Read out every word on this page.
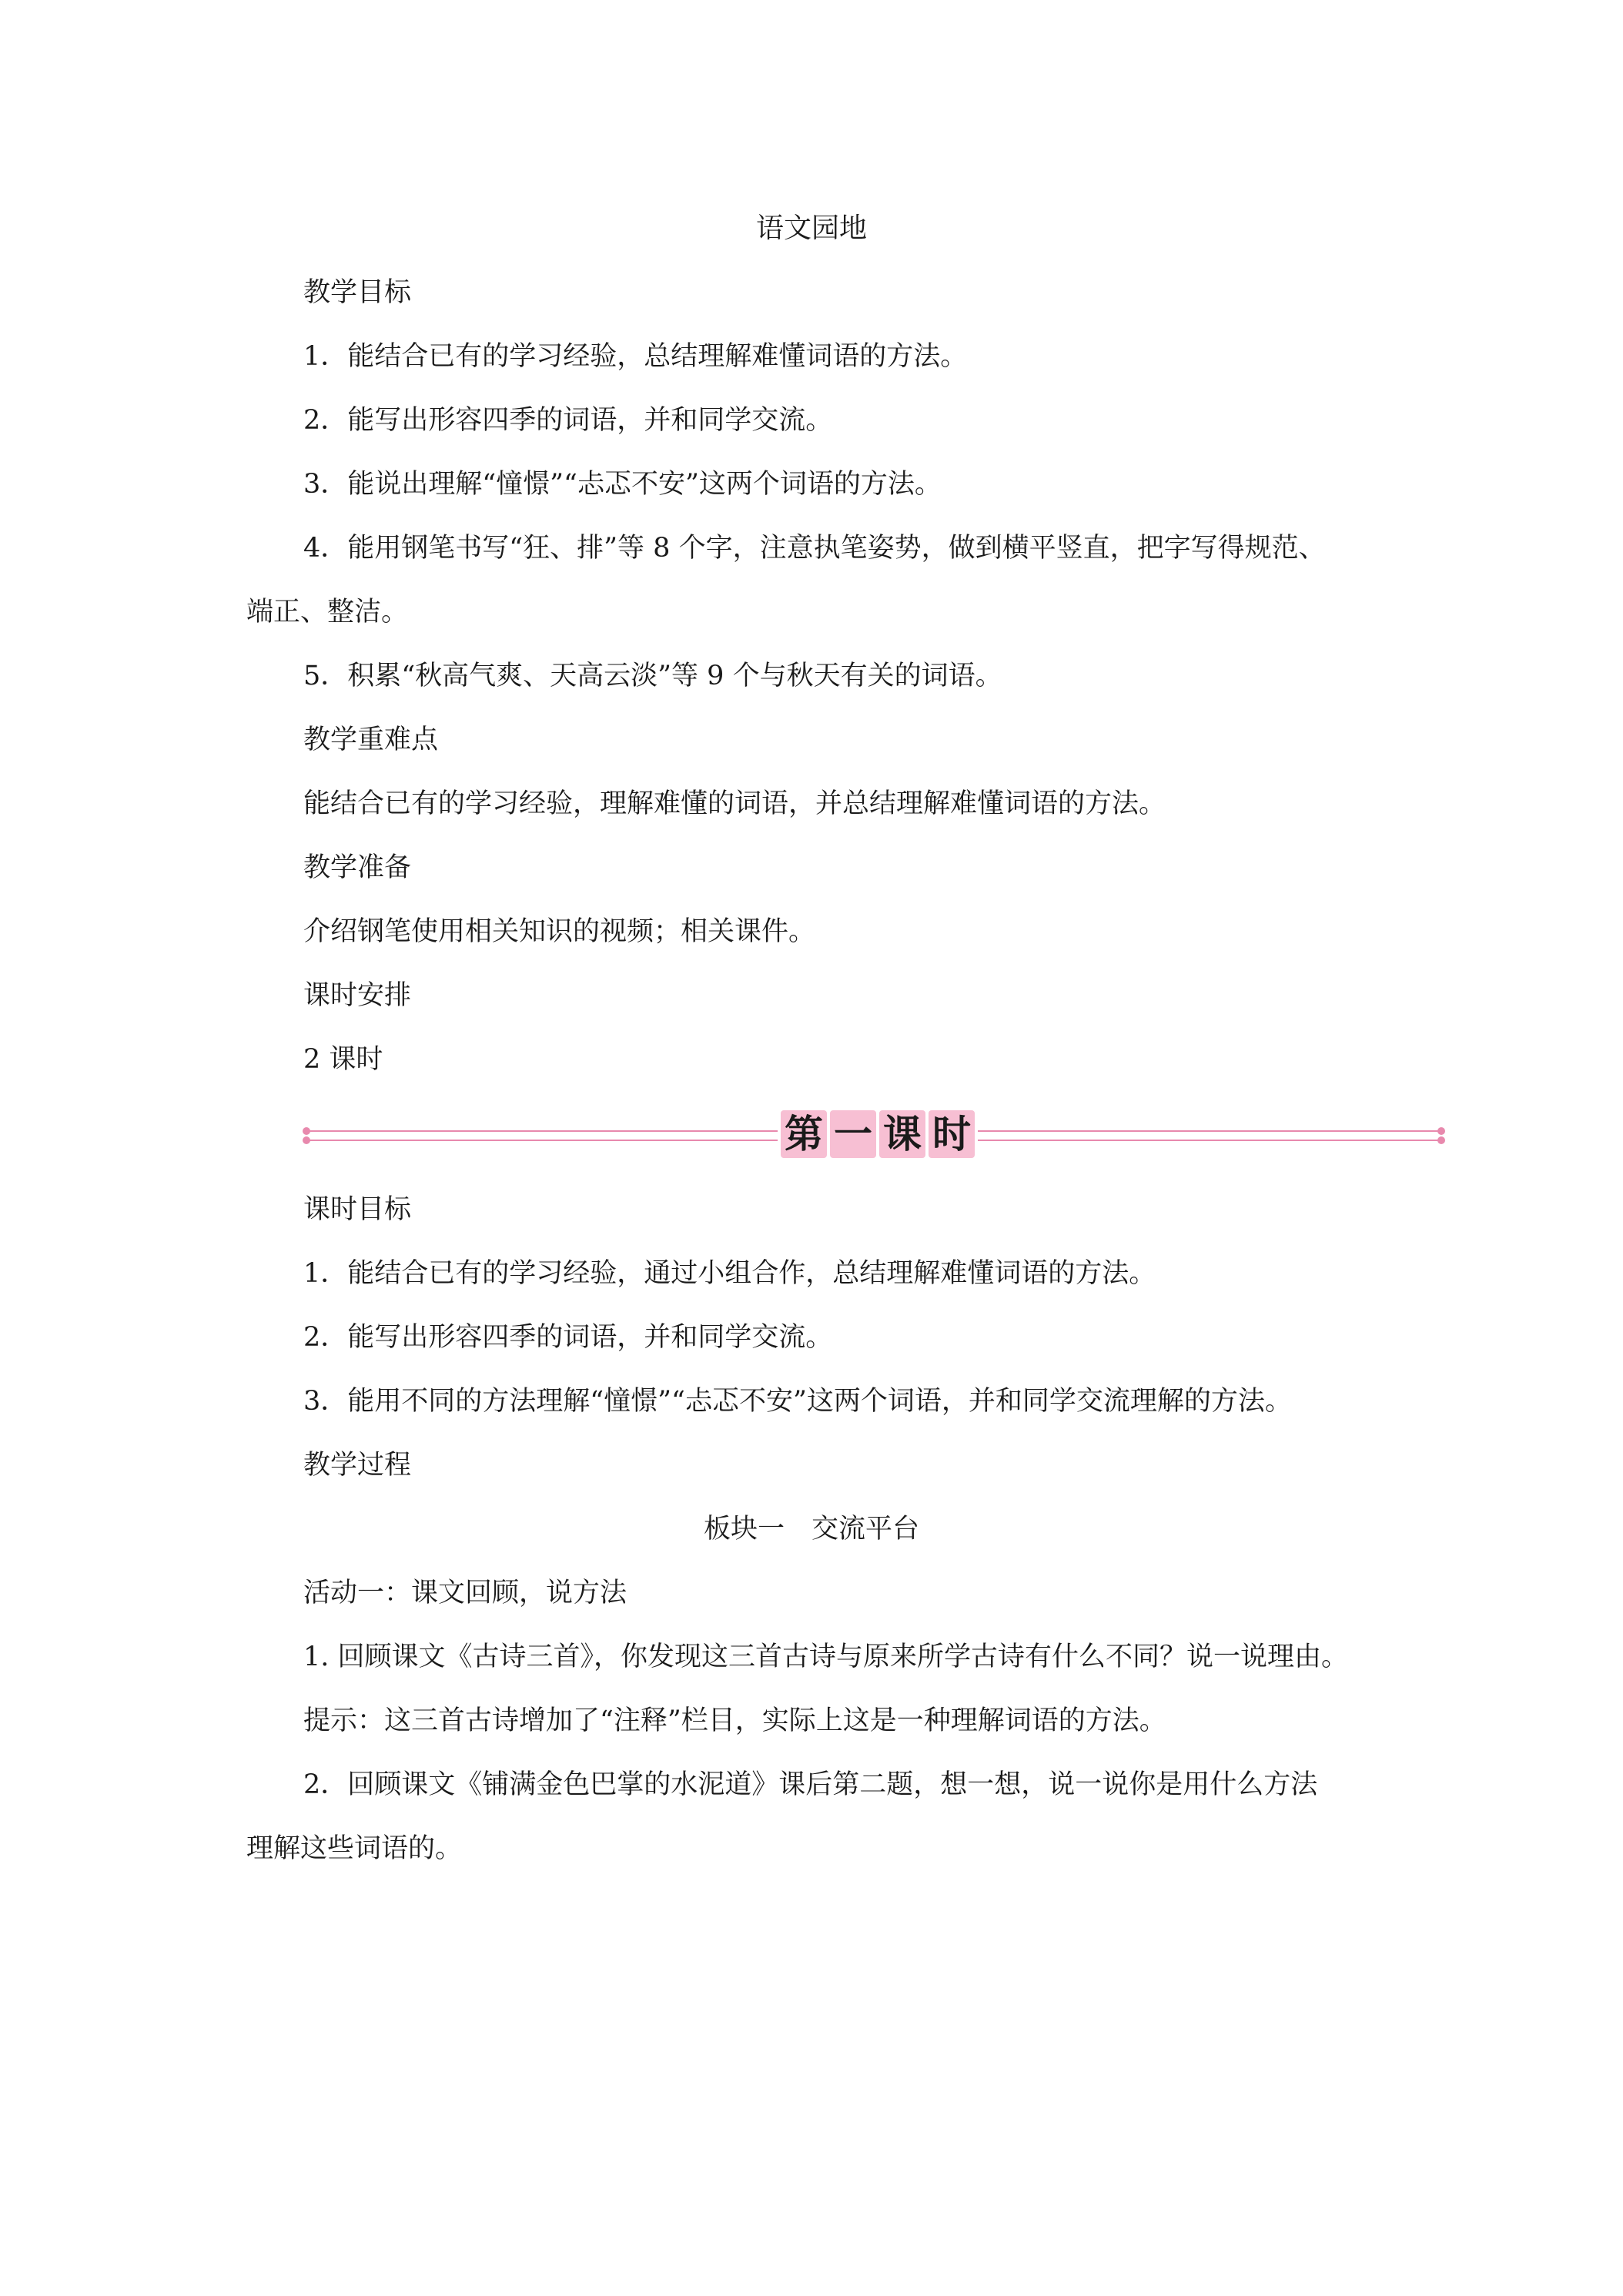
语文园地

教学目标

1．能结合已有的学习经验，总结理解难懂词语的方法。

2．能写出形容四季的词语，并和同学交流。

3．能说出理解“憧憬”“忐忑不安”这两个词语的方法。

4．能用钢笔书写“狂、排”等 8 个字，注意执笔姿势，做到横平竖直，把字写得规范、

端正、整洁。

5．积累“秋高气爽、天高云淡”等 9 个与秋天有关的词语。

教学重难点

能结合已有的学习经验，理解难懂的词语，并总结理解难懂词语的方法。

教学准备

介绍钢笔使用相关知识的视频；相关课件。

课时安排

2 课时

第 一 课 时

课时目标

1．能结合已有的学习经验，通过小组合作，总结理解难懂词语的方法。

2．能写出形容四季的词语，并和同学交流。

3．能用不同的方法理解“憧憬”“忐忑不安”这两个词语，并和同学交流理解的方法。

教学过程

板块一　交流平台

活动一：课文回顾，说方法

1. 回顾课文《古诗三首》，你发现这三首古诗与原来所学古诗有什么不同？说一说理由。

提示：这三首古诗增加了“注释”栏目，实际上这是一种理解词语的方法。

2．回顾课文《铺满金色巴掌的水泥道》课后第二题，想一想，说一说你是用什么方法

理解这些词语的。
